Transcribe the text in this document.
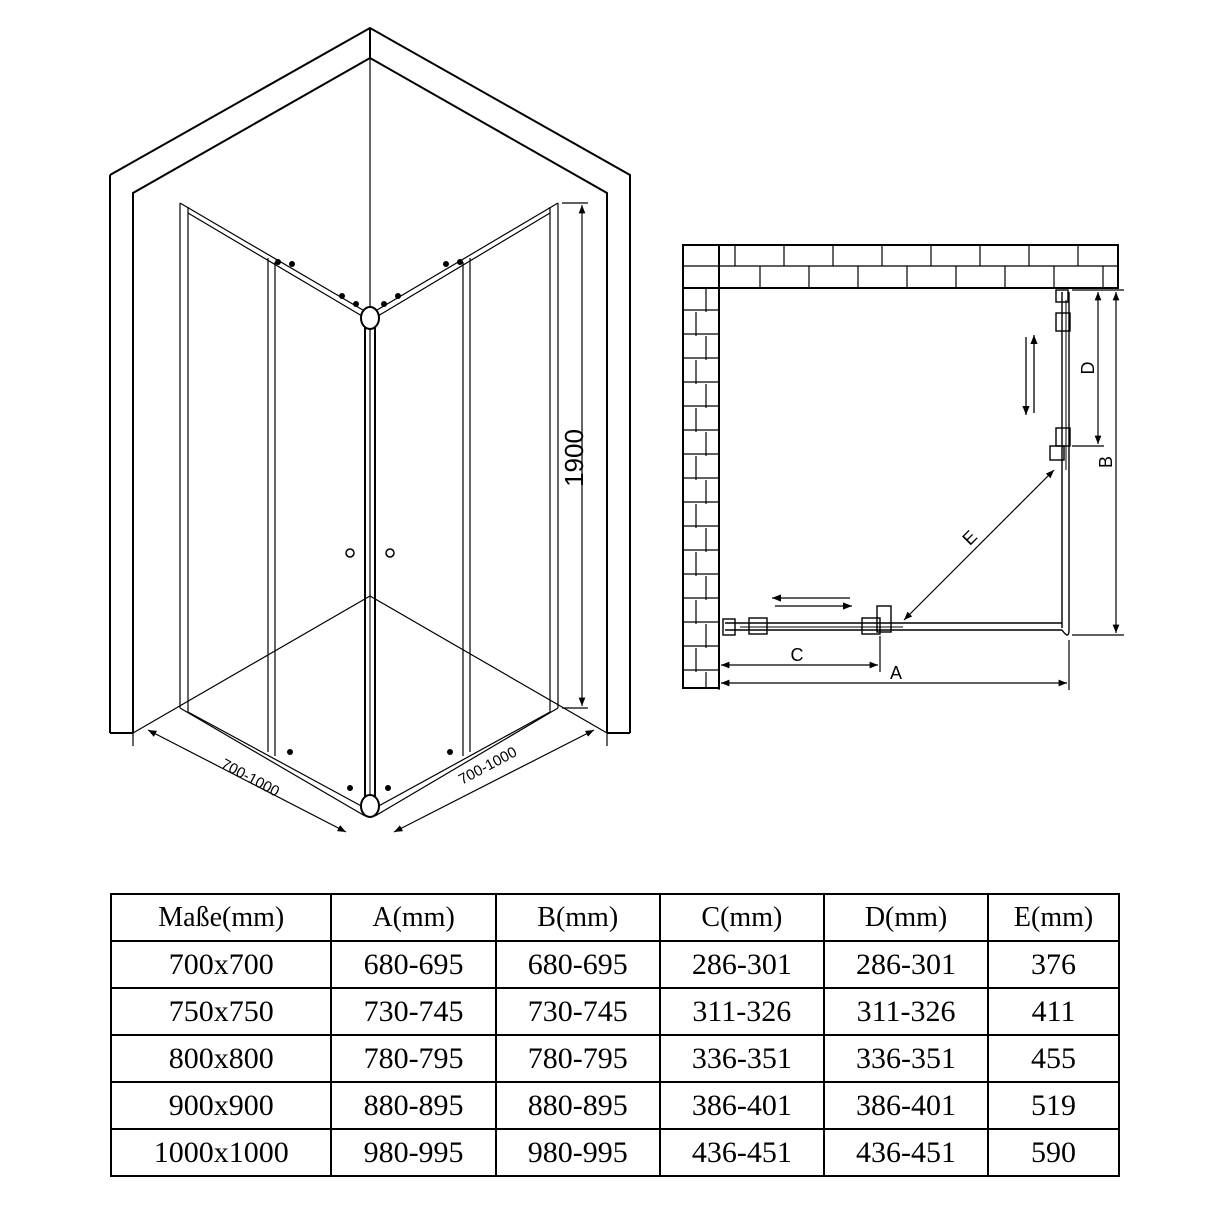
1900
700-1000	700-1000
A
C
B
D
E
Maße(mm)	A(mm)	B(mm)	C(mm)	D(mm)	E(mm)
700x700	680-695	680-695	286-301	286-301	376
750x750	730-745	730-745	311-326	311-326	411
800x800	780-795	780-795	336-351	336-351	455
900x900	880-895	880-895	386-401	386-401	519
1000x1000	980-995	980-995	436-451	436-451	590
